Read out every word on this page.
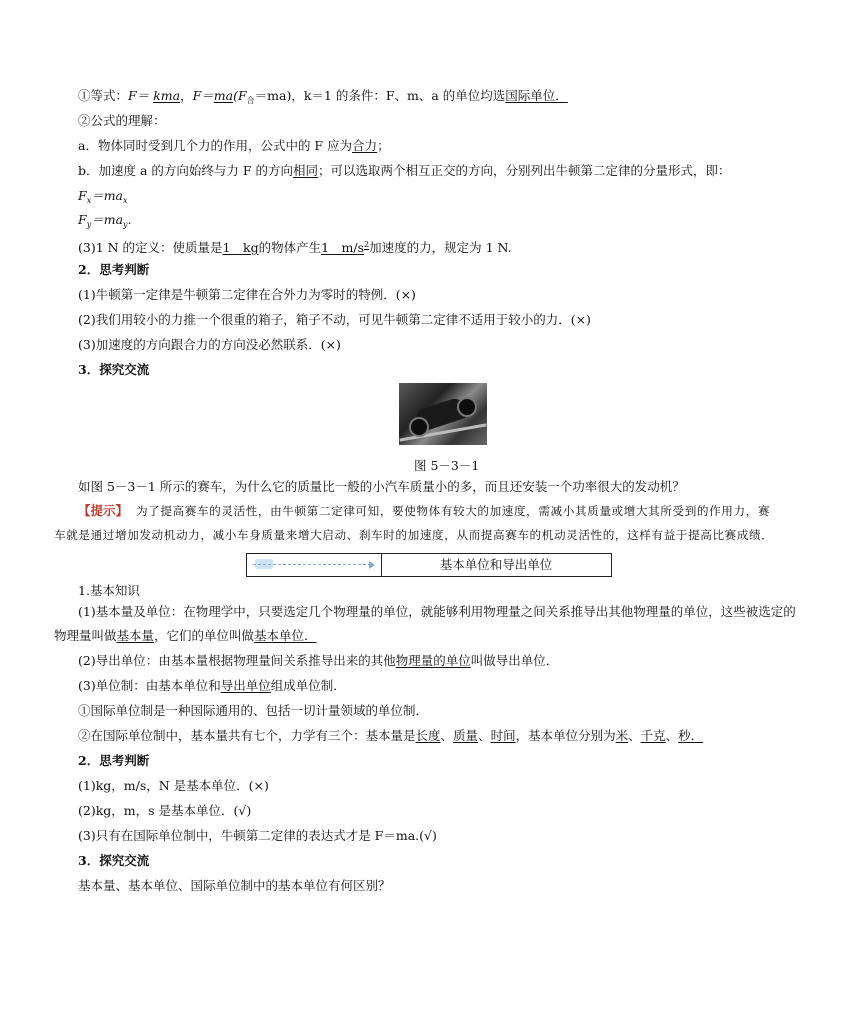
①等式：F＝ kma，$F=ma(F_合=ma)$，k＝1 的条件：F、m、a 的单位均选国际单位．
②公式的理解：
a．物体同时受到几个力的作用，公式中的 F 应为合力；
b．加速度 a 的方向始终与力 F 的方向相同；可以选取两个相互正交的方向，分别列出牛顿第二定律的分量形式，即：
$F_x=ma_x$
$F_y=ma_y$.
(3)1 N 的定义：使质量是1　kg的物体产生1　$m/s^2$加速度的力，规定为 1 N.
2．思考判断
(1)牛顿第一定律是牛顿第二定律在合外力为零时的特例．(×)
(2)我们用较小的力推一个很重的箱子，箱子不动，可见牛顿第二定律不适用于较小的力．(×)
(3)加速度的方向跟合力的方向没必然联系．(×)
3．探究交流
图 5－3－1
如图 5－3－1 所示的赛车，为什么它的质量比一般的小汽车质量小的多，而且还安装一个功率很大的发动机？
【提示】 为了提高赛车的灵活性，由牛顿第二定律可知，要使物体有较大的加速度，需减小其质量或增大其所受到的作用力，赛
车就是通过增加发动机动力，减小车身质量来增大启动、刹车时的加速度，从而提高赛车的机动灵活性的，这样有益于提高比赛成绩．
基本单位和导出单位
1.基本知识
(1)基本量及单位：在物理学中，只要选定几个物理量的单位，就能够利用物理量之间关系推导出其他物理量的单位，这些被选定的
物理量叫做基本量，它们的单位叫做基本单位．
(2)导出单位：由基本量根据物理量间关系推导出来的其他物理量的单位叫做导出单位．
(3)单位制：由基本单位和导出单位组成单位制．
①国际单位制是一种国际通用的、包括一切计量领域的单位制．
②在国际单位制中，基本量共有七个，力学有三个：基本量是长度、质量、时间，基本单位分别为米、千克、秒．
2．思考判断
(1)kg，m/s，N 是基本单位．(×)
(2)kg，m，s 是基本单位．(√)
(3)只有在国际单位制中，牛顿第二定律的表达式才是 F＝ma.(√)
3．探究交流
基本量、基本单位、国际单位制中的基本单位有何区别？
